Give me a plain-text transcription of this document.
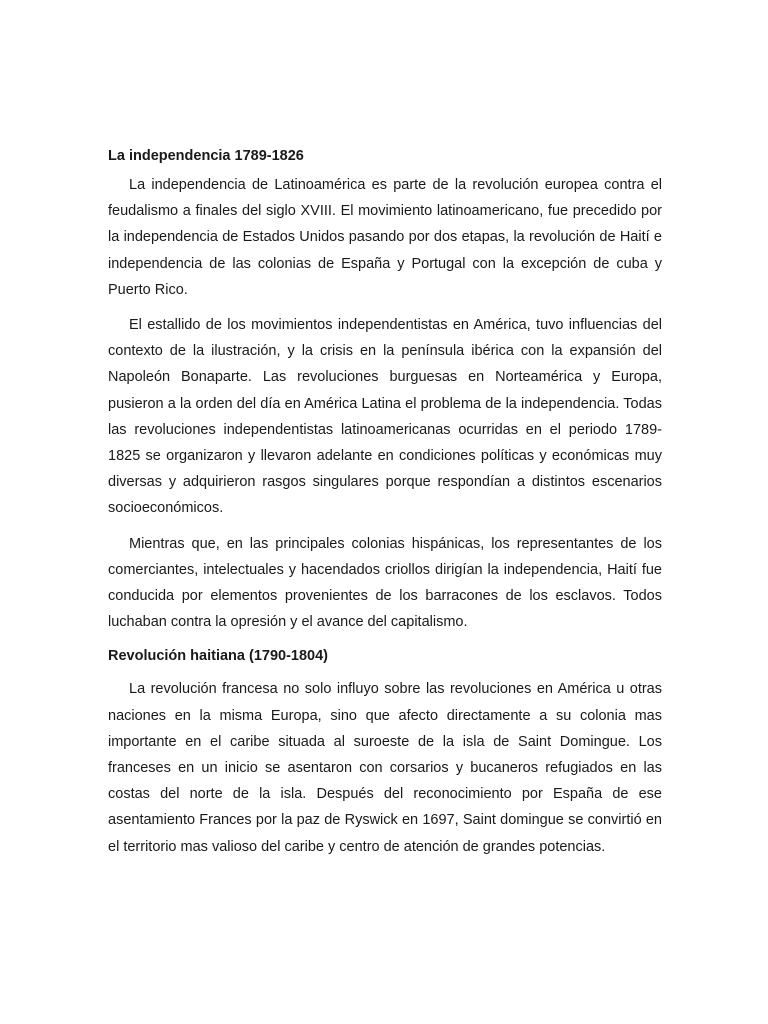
La independencia 1789-1826

La independencia de Latinoamérica es parte de la revolución europea contra el feudalismo a finales del siglo XVIII. El movimiento latinoamericano, fue precedido por la independencia de Estados Unidos pasando por dos etapas, la revolución de Haití e independencia de las colonias de España y Portugal con la excepción de cuba y Puerto Rico.

El estallido de los movimientos independentistas en América, tuvo influencias del contexto de la ilustración, y la crisis en la península ibérica con la expansión del Napoleón Bonaparte. Las revoluciones burguesas en Norteamérica y Europa, pusieron a la orden del día en América Latina el problema de la independencia. Todas las revoluciones independentistas latinoamericanas ocurridas en el periodo 1789-1825 se organizaron y llevaron adelante en condiciones políticas y económicas muy diversas y adquirieron rasgos singulares porque respondían a distintos escenarios socioeconómicos.

Mientras que, en las principales colonias hispánicas, los representantes de los comerciantes, intelectuales y hacendados criollos dirigían la independencia, Haití fue conducida por elementos provenientes de los barracones de los esclavos. Todos luchaban contra la opresión y el avance del capitalismo.

Revolución haitiana (1790-1804)

La revolución francesa no solo influyo sobre las revoluciones en América u otras naciones en la misma Europa, sino que afecto directamente a su colonia mas importante en el caribe situada al suroeste de la isla de Saint Domingue. Los franceses en un inicio se asentaron con corsarios y bucaneros refugiados en las costas del norte de la isla. Después del reconocimiento por España de ese asentamiento Frances por la paz de Ryswick en 1697, Saint domingue se convirtió en el territorio mas valioso del caribe y centro de atención de grandes potencias.
